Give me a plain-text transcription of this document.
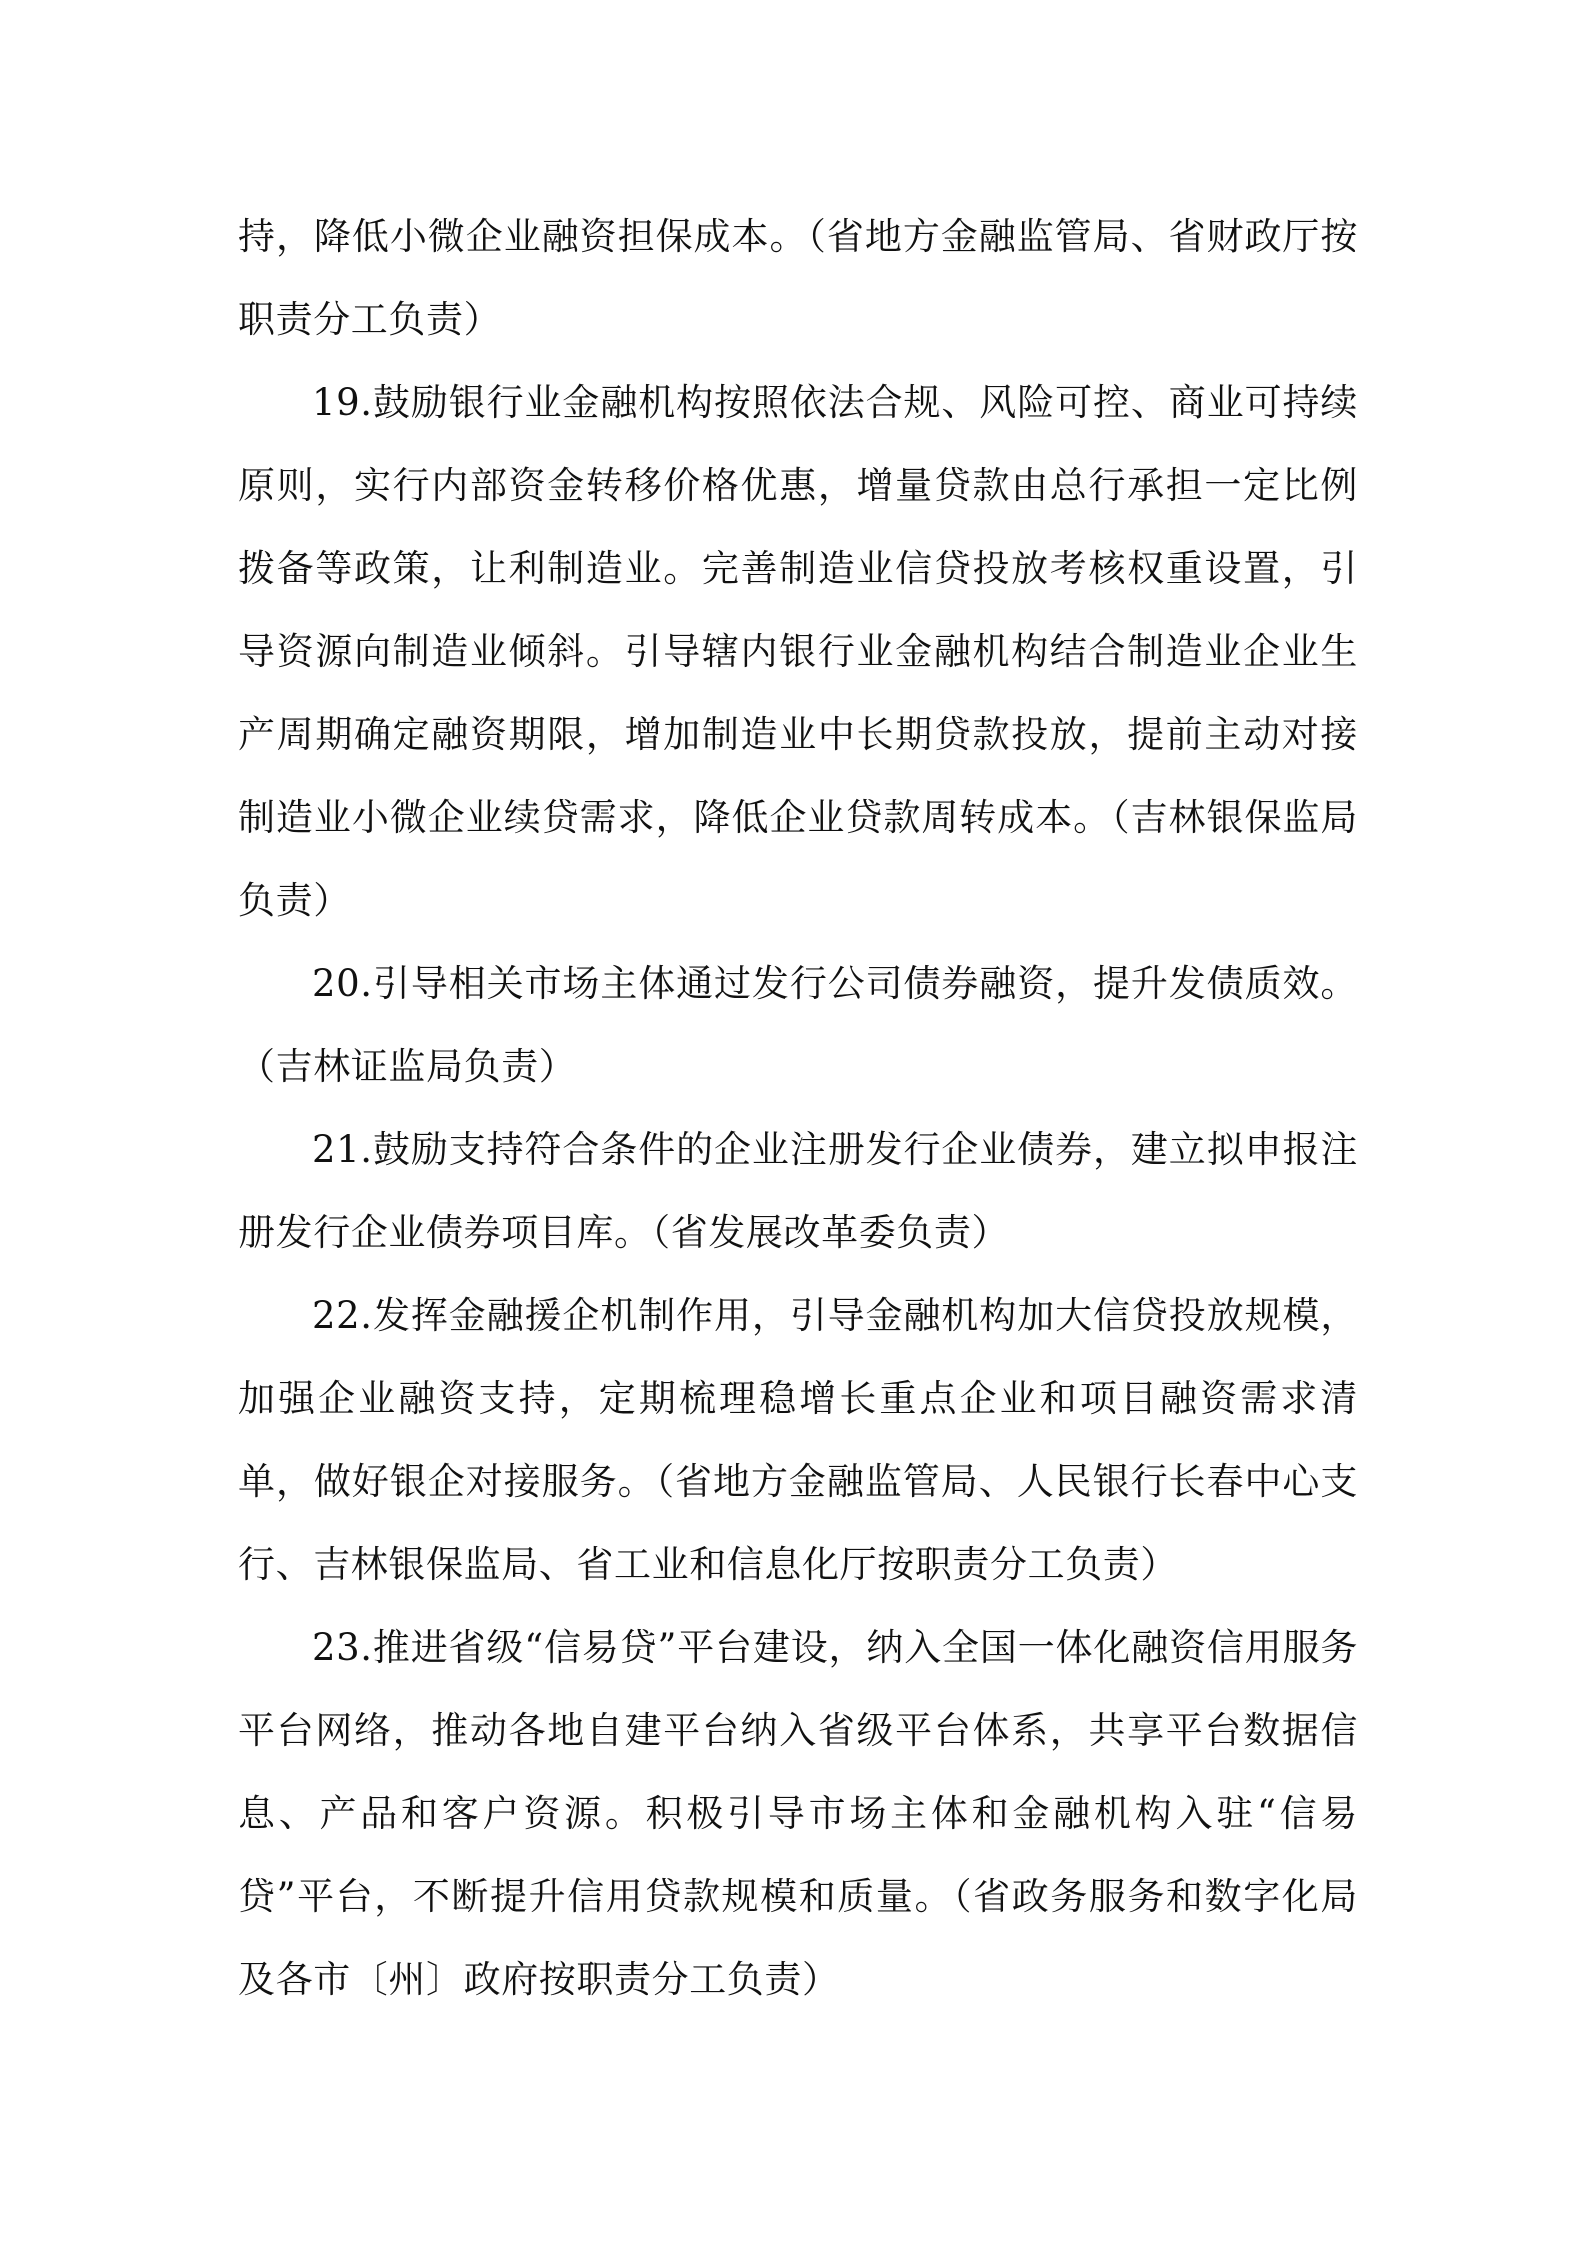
持，降低小微企业融资担保成本。（省地方金融监管局、省财政厅按职责分工负责）

19.鼓励银行业金融机构按照依法合规、风险可控、商业可持续原则，实行内部资金转移价格优惠，增量贷款由总行承担一定比例拨备等政策，让利制造业。完善制造业信贷投放考核权重设置，引导资源向制造业倾斜。引导辖内银行业金融机构结合制造业企业生产周期确定融资期限，增加制造业中长期贷款投放，提前主动对接制造业小微企业续贷需求，降低企业贷款周转成本。（吉林银保监局负责）

20.引导相关市场主体通过发行公司债券融资，提升发债质效。（吉林证监局负责）

21.鼓励支持符合条件的企业注册发行企业债券，建立拟申报注册发行企业债券项目库。（省发展改革委负责）

22.发挥金融援企机制作用，引导金融机构加大信贷投放规模，加强企业融资支持，定期梳理稳增长重点企业和项目融资需求清单，做好银企对接服务。（省地方金融监管局、人民银行长春中心支行、吉林银保监局、省工业和信息化厅按职责分工负责）

23.推进省级“信易贷”平台建设，纳入全国一体化融资信用服务平台网络，推动各地自建平台纳入省级平台体系，共享平台数据信息、产品和客户资源。积极引导市场主体和金融机构入驻“信易贷”平台，不断提升信用贷款规模和质量。（省政务服务和数字化局及各市〔州〕政府按职责分工负责）
